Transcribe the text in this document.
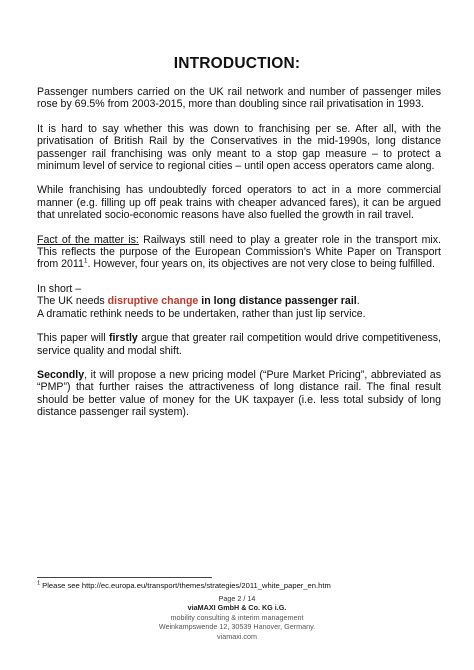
INTRODUCTION:

Passenger numbers carried on the UK rail network and number of passenger miles rose by 69.5% from 2003-2015, more than doubling since rail privatisation in 1993.

It is hard to say whether this was down to franchising per se. After all, with the privatisation of British Rail by the Conservatives in the mid-1990s, long distance passenger rail franchising was only meant to a stop gap measure – to protect a minimum level of service to regional cities – until open access operators came along.

While franchising has undoubtedly forced operators to act in a more commercial manner (e.g. filling up off peak trains with cheaper advanced fares), it can be argued that unrelated socio-economic reasons have also fuelled the growth in rail travel.

Fact of the matter is: Railways still need to play a greater role in the transport mix. This reflects the purpose of the European Commission’s White Paper on Transport from 2011$^1$. However, four years on, its objectives are not very close to being fulfilled.

In short –

The UK needs disruptive change in long distance passenger rail.

A dramatic rethink needs to be undertaken, rather than just lip service.

This paper will firstly argue that greater rail competition would drive competitiveness, service quality and modal shift.

Secondly, it will propose a new pricing model (“Pure Market Pricing”, abbreviated as “PMP”) that further raises the attractiveness of long distance rail. The final result should be better value of money for the UK taxpayer (i.e. less total subsidy of long distance passenger rail system).

$^1$ Please see http://ec.europa.eu/transport/themes/strategies/2011_white_paper_en.htm
Page 2 / 14
viaMAXI GmbH & Co. KG i.G.
mobility consulting & interim management
Weinkampswende 12, 30539 Hanover, Germany.
viamaxi.com
